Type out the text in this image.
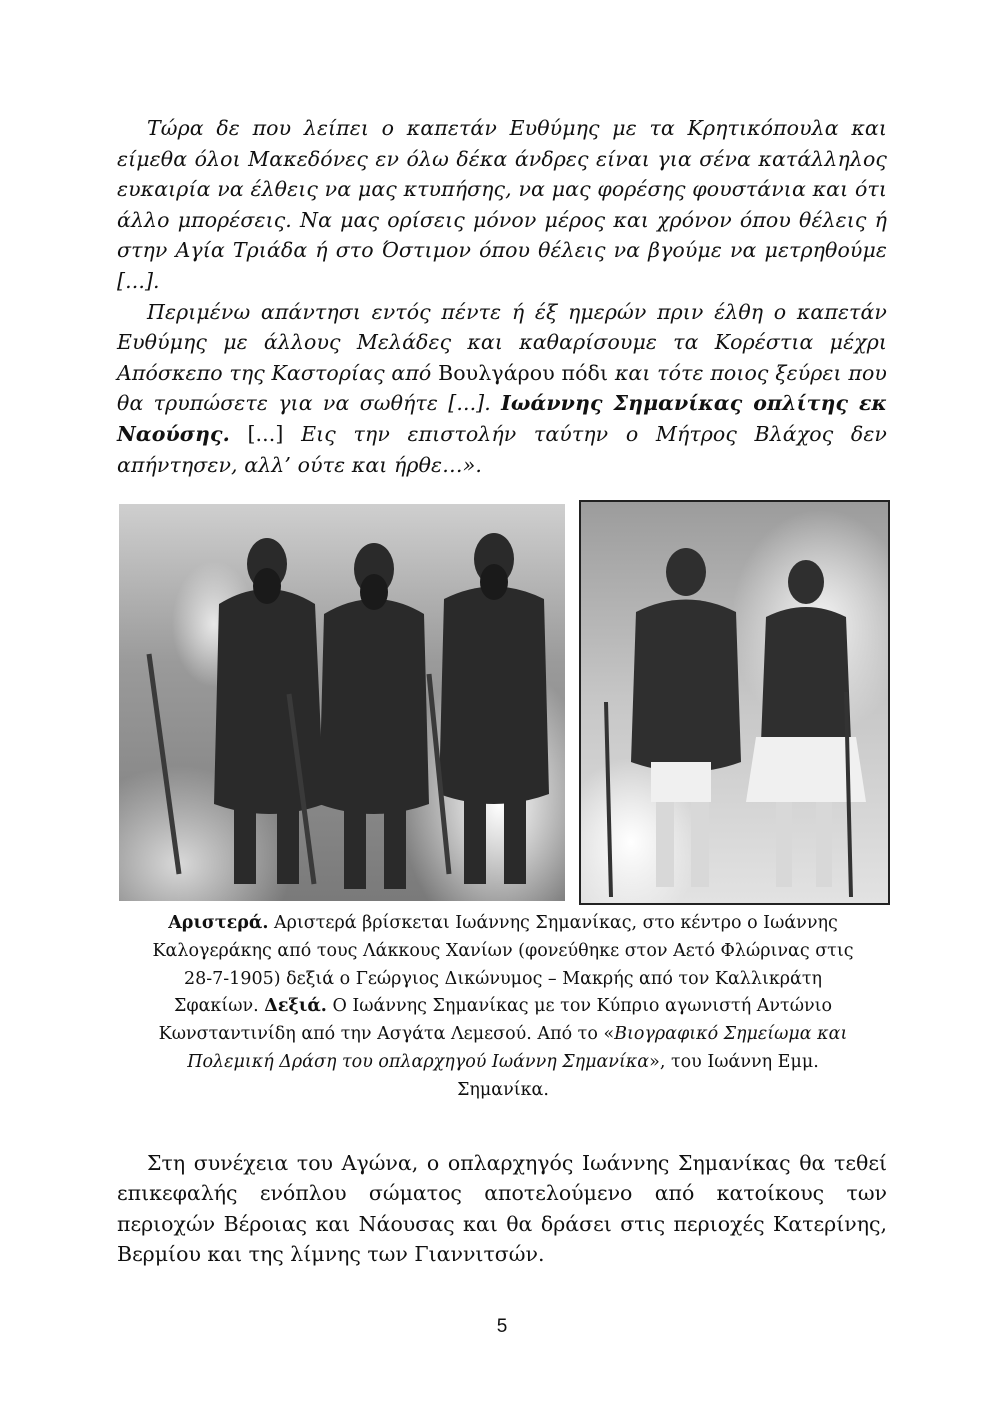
Τώρα δε που λείπει ο καπετάν Ευθύμης με τα Κρητικόπουλα και είμεθα όλοι Μακεδόνες εν όλω δέκα άνδρες είναι για σένα κατάλληλος ευκαιρία να έλθεις να μας κτυπήσης, να μας φορέσης φουστάνια και ότι άλλο μπορέσεις. Να μας ορίσεις μόνον μέρος και χρόνον όπου θέλεις ή στην Αγία Τριάδα ή στο Όστιμον όπου θέλεις να βγούμε να μετρηθούμε [...].

Περιμένω απάντησι εντός πέντε ή έξ ημερών πριν έλθη ο καπετάν Ευθύμης με άλλους Μελάδες και καθαρίσουμε τα Κορέστια μέχρι Απόσκεπο της Καστορίας από Βουλγάρου πόδι και τότε ποιος ξεύρει που θα τρυπώσετε για να σωθήτε [...]. Ιωάννης Σημανίκας οπλίτης εκ Ναούσης. [...] Εις την επιστολήν ταύτην ο Μήτρος Βλάχος δεν απήντησεν, αλλ’ ούτε και ήρθε…».

Αριστερά. Αριστερά βρίσκεται Ιωάννης Σημανίκας, στο κέντρο ο Ιωάννης Καλογεράκης από τους Λάκκους Χανίων (φονεύθηκε στον Αετό Φλώρινας στις 28-7-1905) δεξιά ο Γεώργιος Δικώνυμος – Μακρής από τον Καλλικράτη Σφακίων. Δεξιά. Ο Ιωάννης Σημανίκας με τον Κύπριο αγωνιστή Αντώνιο Κωνσταντινίδη από την Ασγάτα Λεμεσού. Από το «Βιογραφικό Σημείωμα και Πολεμική Δράση του οπλαρχηγού Ιωάννη Σημανίκα», του Ιωάννη Εμμ. Σημανίκα.

Στη συνέχεια του Αγώνα, ο οπλαρχηγός Ιωάννης Σημανίκας θα τεθεί επικεφαλής ενόπλου σώματος αποτελούμενο από κατοίκους των περιοχών Βέροιας και Νάουσας και θα δράσει στις περιοχές Κατερίνης, Βερμίου και της λίμνης των Γιαννιτσών.

5
